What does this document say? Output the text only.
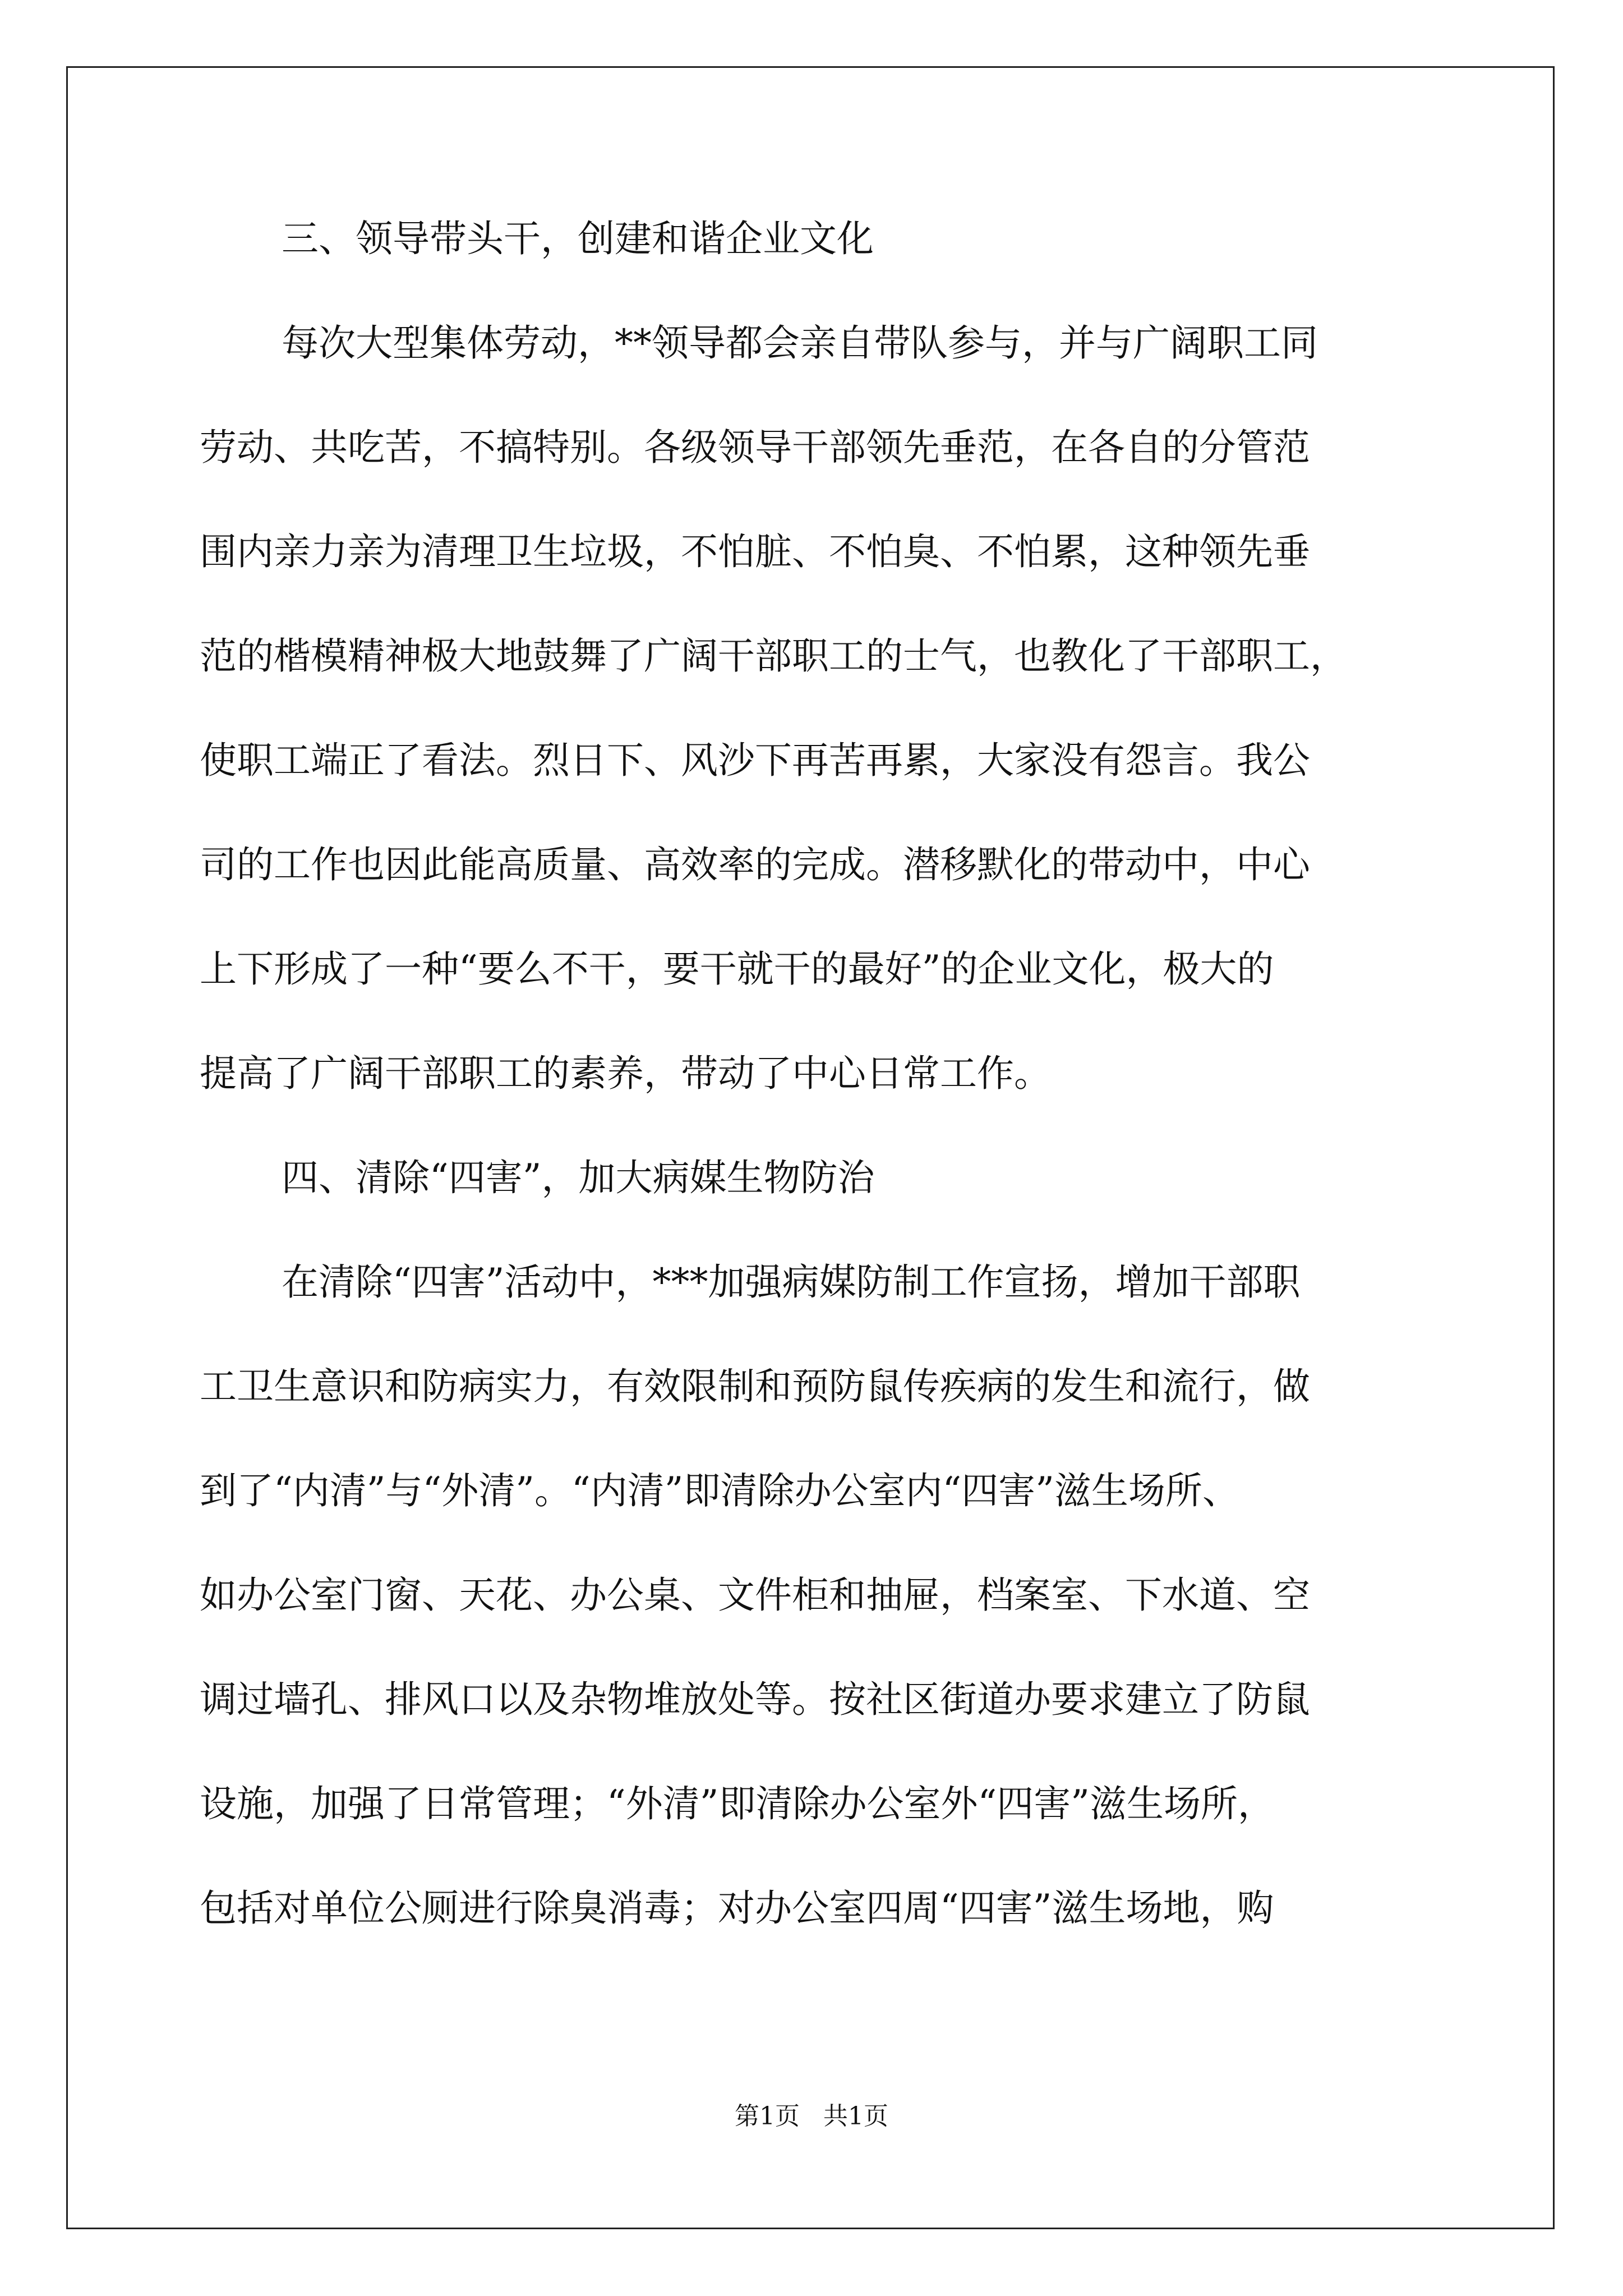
三、领导带头干，创建和谐企业文化
每次大型集体劳动，**领导都会亲自带队参与，并与广阔职工同
劳动、共吃苦，不搞特别。各级领导干部领先垂范，在各自的分管范
围内亲力亲为清理卫生垃圾，不怕脏、不怕臭、不怕累，这种领先垂
范的楷模精神极大地鼓舞了广阔干部职工的士气，也教化了干部职工，
使职工端正了看法。烈日下、风沙下再苦再累，大家没有怨言。我公
司的工作也因此能高质量、高效率的完成。潜移默化的带动中，中心
上下形成了一种“要么不干，要干就干的最好”的企业文化，极大的
提高了广阔干部职工的素养，带动了中心日常工作。
四、清除“四害”，加大病媒生物防治
在清除“四害”活动中，***加强病媒防制工作宣扬，增加干部职
工卫生意识和防病实力，有效限制和预防鼠传疾病的发生和流行，做
到了“内清”与“外清”。“内清”即清除办公室内“四害”滋生场所、
如办公室门窗、天花、办公桌、文件柜和抽屉，档案室、下水道、空
调过墙孔、排风口以及杂物堆放处等。按社区街道办要求建立了防鼠
设施，加强了日常管理；“外清”即清除办公室外“四害”滋生场所，
包括对单位公厕进行除臭消毒；对办公室四周“四害”滋生场地，购
第1页   共1页
